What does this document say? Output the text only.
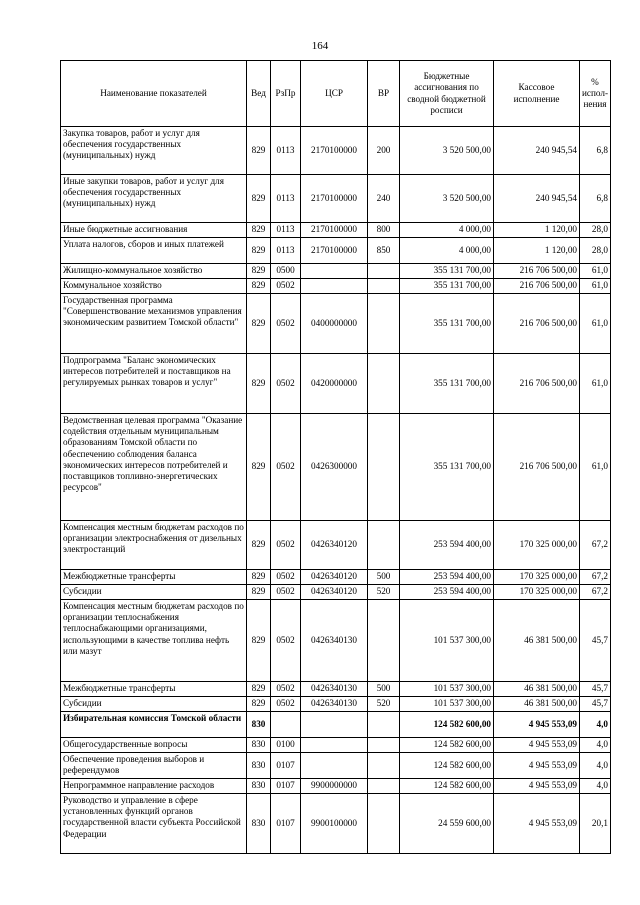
164
Наименование показателей	Вед	РзПр	ЦСР	ВР	Бюджетные ассигнования по сводной бюджетной росписи	Кассовое исполнение	% испол- нения
Закупка товаров, работ и услуг для обеспечения государственных (муниципальных) нужд	829	0113	2170100000	200	3 520 500,00	240 945,54	6,8
Иные закупки товаров, работ и услуг для обеспечения государственных (муниципальных) нужд	829	0113	2170100000	240	3 520 500,00	240 945,54	6,8
Иные бюджетные ассигнования	829	0113	2170100000	800	4 000,00	1 120,00	28,0
Уплата налогов, сборов и иных платежей	829	0113	2170100000	850	4 000,00	1 120,00	28,0
Жилищно-коммунальное хозяйство	829	0500			355 131 700,00	216 706 500,00	61,0
Коммунальное хозяйство	829	0502			355 131 700,00	216 706 500,00	61,0
Государственная программа "Совершенствование механизмов управления экономическим развитием Томской области"	829	0502	0400000000		355 131 700,00	216 706 500,00	61,0
Подпрограмма "Баланс экономических интересов потребителей и поставщиков на регулируемых рынках товаров и услуг"	829	0502	0420000000		355 131 700,00	216 706 500,00	61,0
Ведомственная целевая программа "Оказание содействия отдельным муниципальным образованиям Томской области по обеспечению соблюдения баланса экономических интересов потребителей и поставщиков топливно-энергетических ресурсов"	829	0502	0426300000		355 131 700,00	216 706 500,00	61,0
Компенсация местным бюджетам расходов по организации электроснабжения от дизельных электростанций	829	0502	0426340120		253 594 400,00	170 325 000,00	67,2
Межбюджетные трансферты	829	0502	0426340120	500	253 594 400,00	170 325 000,00	67,2
Субсидии	829	0502	0426340120	520	253 594 400,00	170 325 000,00	67,2
Компенсация местным бюджетам расходов по организации теплоснабжения теплоснабжающими организациями, использующими в качестве топлива нефть или мазут	829	0502	0426340130		101 537 300,00	46 381 500,00	45,7
Межбюджетные трансферты	829	0502	0426340130	500	101 537 300,00	46 381 500,00	45,7
Субсидии	829	0502	0426340130	520	101 537 300,00	46 381 500,00	45,7
Избирательная комиссия Томской области	830				124 582 600,00	4 945 553,09	4,0
Общегосударственные вопросы	830	0100			124 582 600,00	4 945 553,09	4,0
Обеспечение проведения выборов и референдумов	830	0107			124 582 600,00	4 945 553,09	4,0
Непрограммное направление расходов	830	0107	9900000000		124 582 600,00	4 945 553,09	4,0
Руководство и управление в сфере установленных функций органов государственной власти субъекта Российской Федерации	830	0107	9900100000		24 559 600,00	4 945 553,09	20,1
